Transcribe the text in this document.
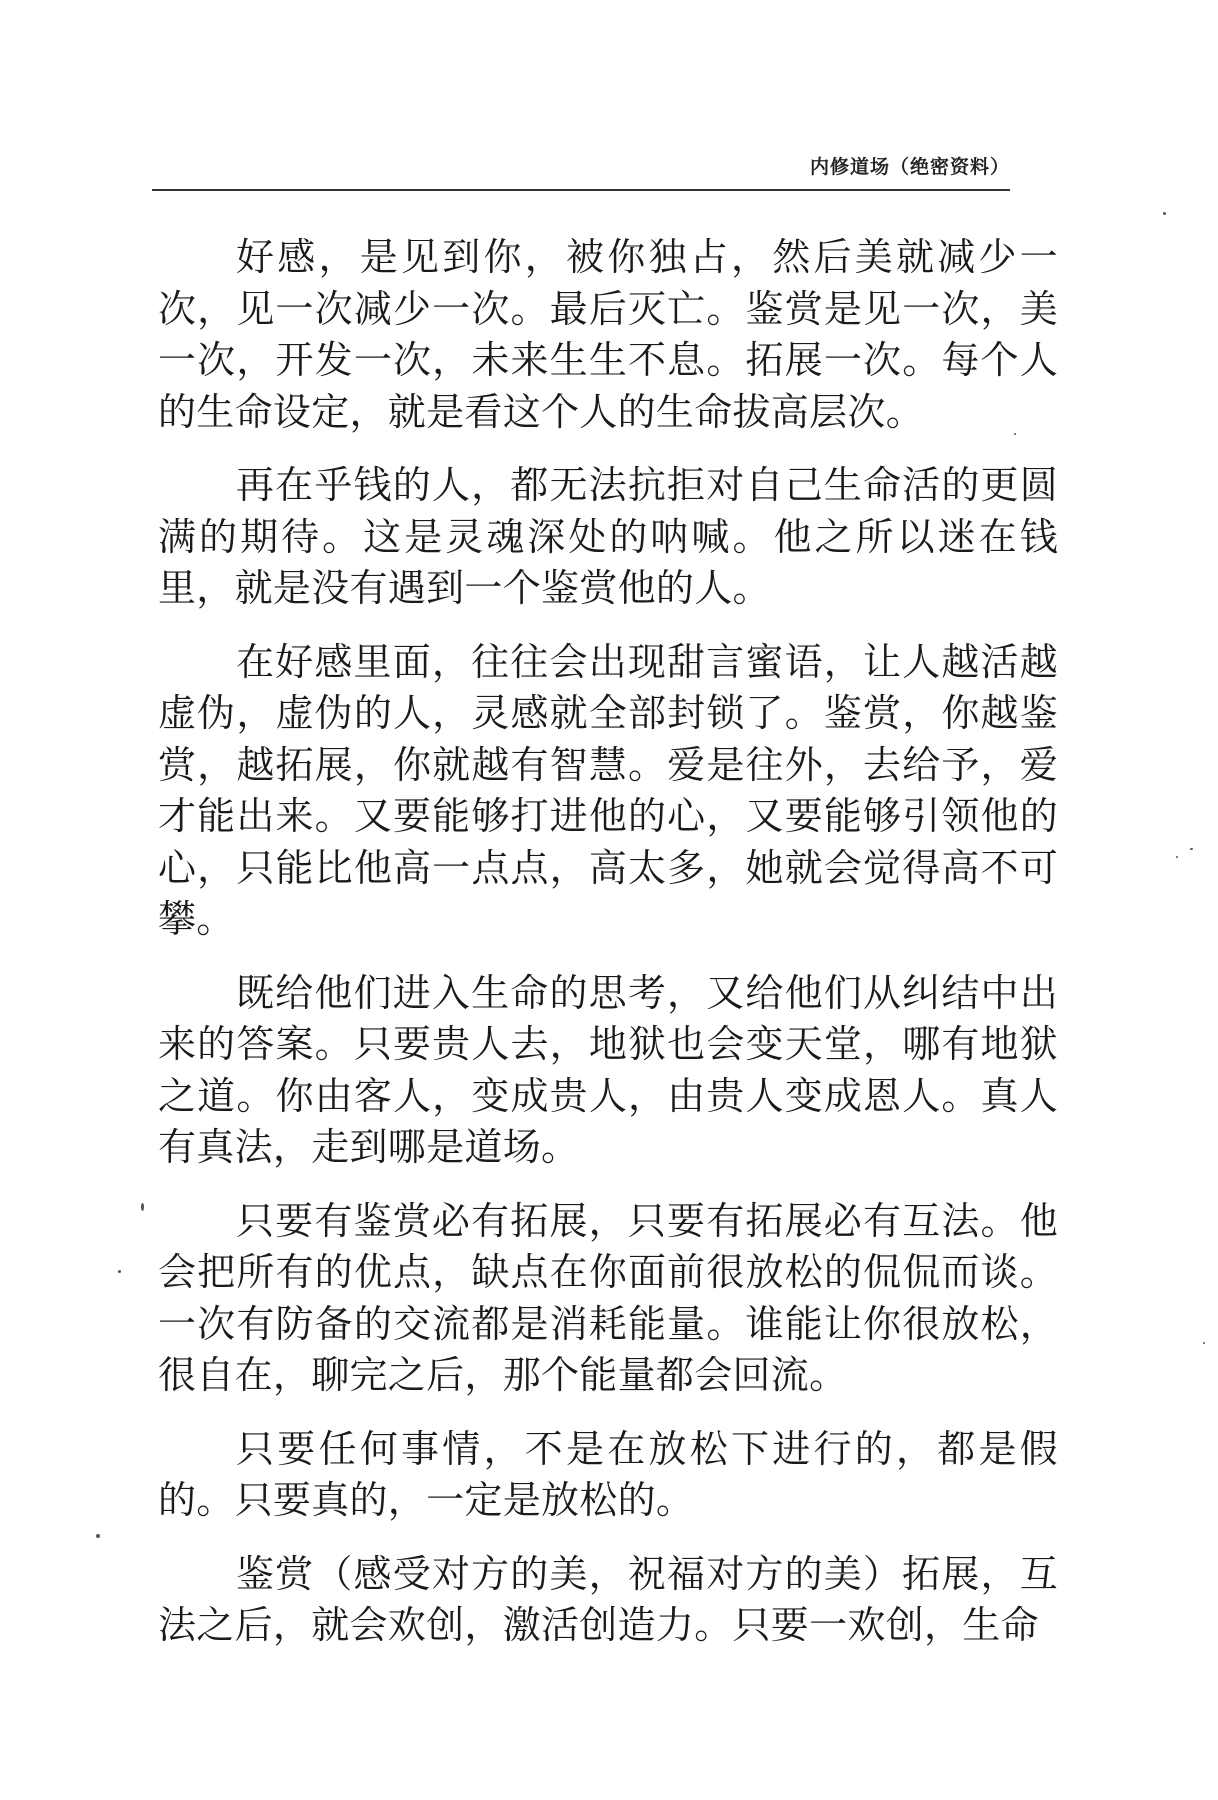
内修道场（绝密资料）

好感，是见到你，被你独占，然后美就减少一次，见一次减少一次。最后灭亡。鉴赏是见一次，美一次，开发一次，未来生生不息。拓展一次。每个人的生命设定，就是看这个人的生命拔高层次。

再在乎钱的人，都无法抗拒对自己生命活的更圆满的期待。这是灵魂深处的呐喊。他之所以迷在钱里，就是没有遇到一个鉴赏他的人。

在好感里面，往往会出现甜言蜜语，让人越活越虚伪，虚伪的人，灵感就全部封锁了。鉴赏，你越鉴赏，越拓展，你就越有智慧。爱是往外，去给予，爱才能出来。又要能够打进他的心，又要能够引领他的心，只能比他高一点点，高太多，她就会觉得高不可攀。

既给他们进入生命的思考，又给他们从纠结中出来的答案。只要贵人去，地狱也会变天堂，哪有地狱之道。你由客人，变成贵人，由贵人变成恩人。真人有真法，走到哪是道场。

只要有鉴赏必有拓展，只要有拓展必有互法。他会把所有的优点，缺点在你面前很放松的侃侃而谈。一次有防备的交流都是消耗能量。谁能让你很放松，很自在，聊完之后，那个能量都会回流。

只要任何事情，不是在放松下进行的，都是假的。只要真的，一定是放松的。

鉴赏（感受对方的美，祝福对方的美）拓展，互法之后，就会欢创，激活创造力。只要一欢创，生命
